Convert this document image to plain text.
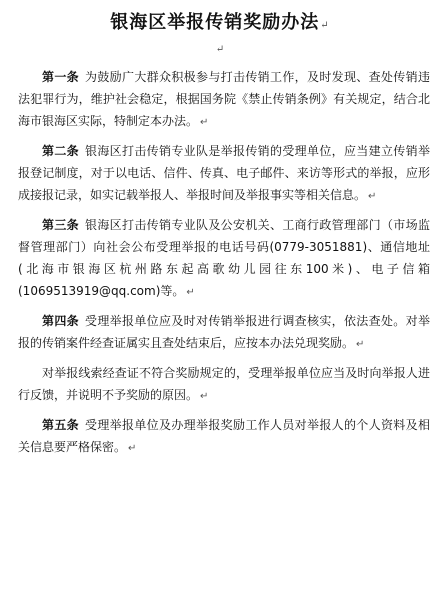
银海区举报传销奖励办法↵
↵

第一条 为鼓励广大群众积极参与打击传销工作，及时发现、查处传销违法犯罪行为，维护社会稳定，根据国务院《禁止传销条例》有关规定，结合北海市银海区实际，特制定本办法。 ↵

第二条 银海区打击传销专业队是举报传销的受理单位，应当建立传销举报登记制度，对于以电话、信件、传真、电子邮件、来访等形式的举报，应形成接报记录，如实记载举报人、举报时间及举报事实等相关信息。 ↵

第三条 银海区打击传销专业队及公安机关、工商行政管理部门（市场监督管理部门）向社会公布受理举报的电话号码(0779-3051881)、通信地址(北海市银海区杭州路东起高歌幼儿园往东100米)、电子信箱(1069513919@qq.com)等。 ↵

第四条 受理举报单位应及时对传销举报进行调查核实，依法查处。对举报的传销案件经查证属实且查处结束后，应按本办法兑现奖励。 ↵

对举报线索经查证不符合奖励规定的，受理举报单位应当及时向举报人进行反馈，并说明不予奖励的原因。 ↵

第五条 受理举报单位及办理举报奖励工作人员对举报人的个人资料及相关信息要严格保密。 ↵
